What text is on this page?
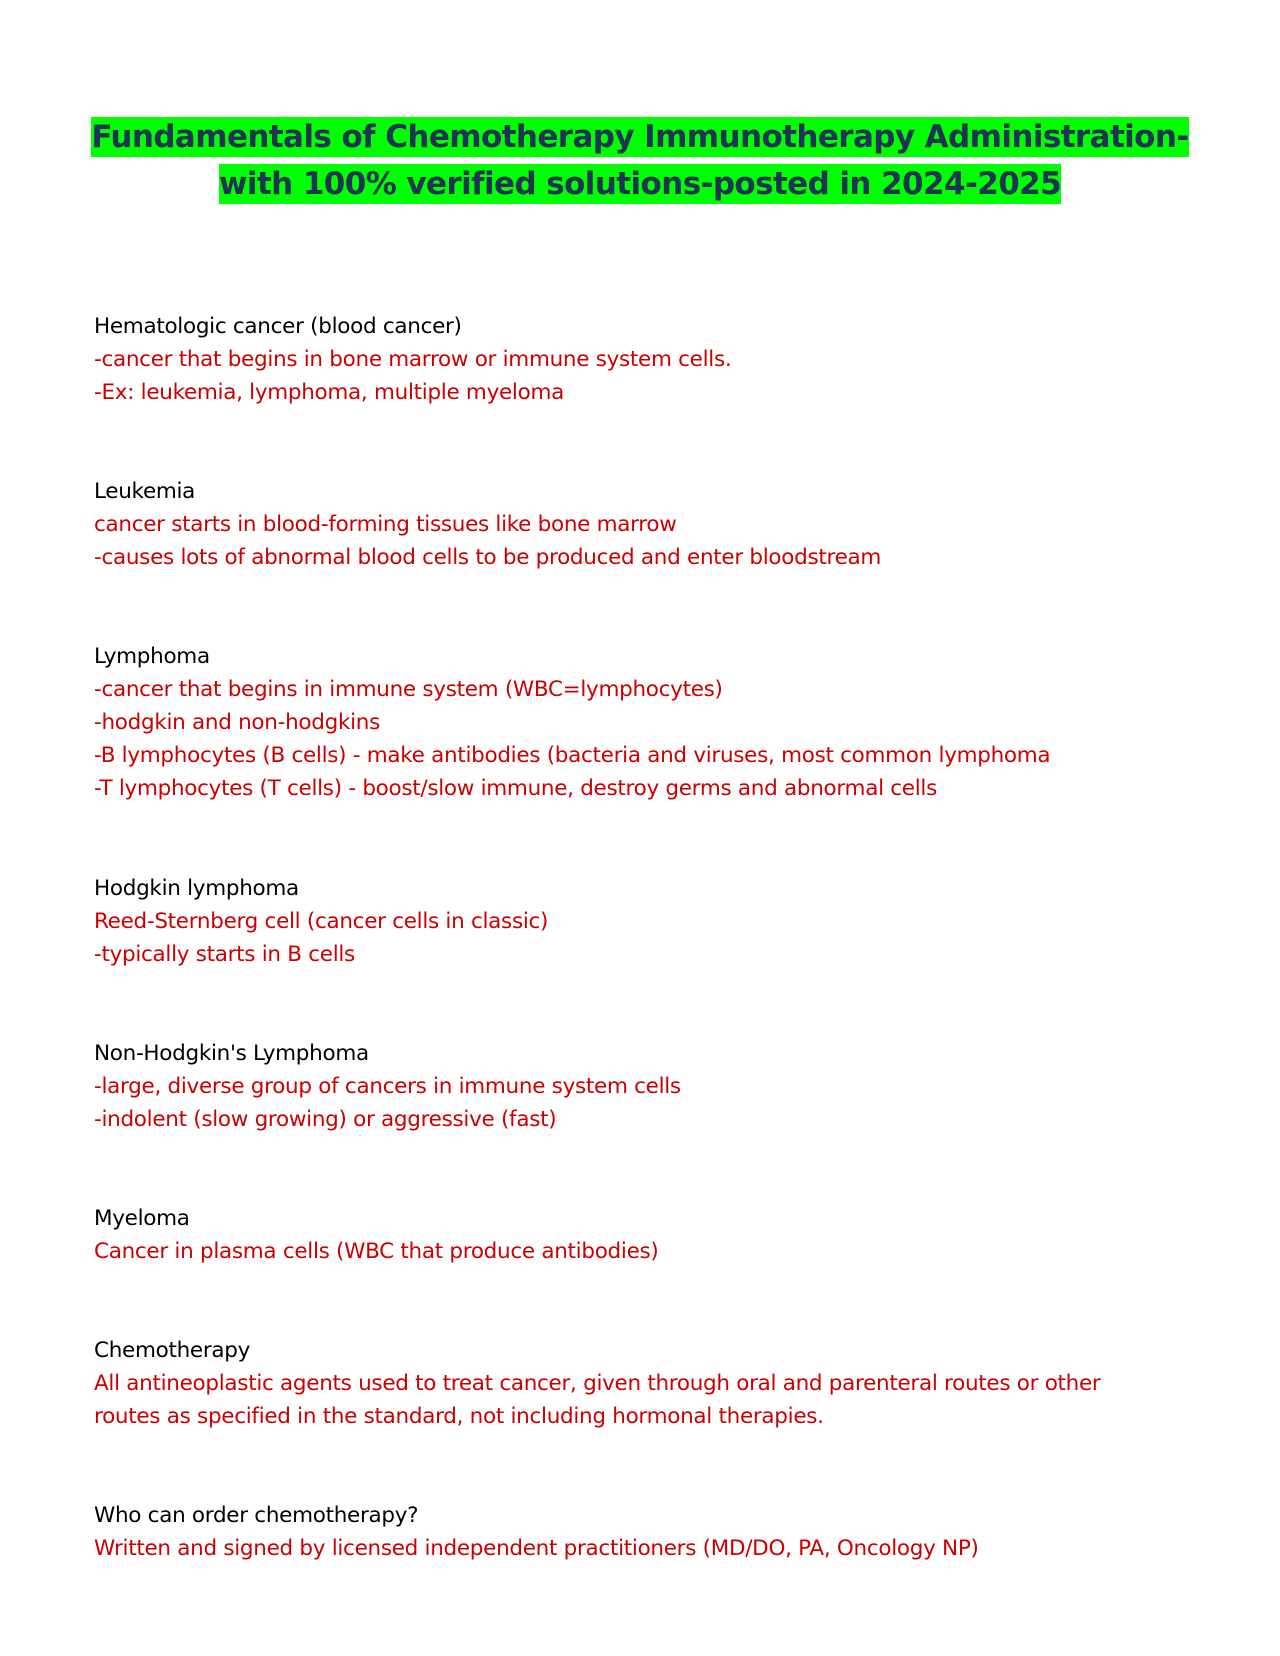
Fundamentals of Chemotherapy Immunotherapy Administration-
with 100% verified solutions-posted in 2024-2025
Hematologic cancer (blood cancer)
-cancer that begins in bone marrow or immune system cells.
-Ex: leukemia, lymphoma, multiple myeloma
Leukemia
cancer starts in blood-forming tissues like bone marrow
-causes lots of abnormal blood cells to be produced and enter bloodstream
Lymphoma
-cancer that begins in immune system (WBC=lymphocytes)
-hodgkin and non-hodgkins
-B lymphocytes (B cells) - make antibodies (bacteria and viruses, most common lymphoma
-T lymphocytes (T cells) - boost/slow immune, destroy germs and abnormal cells
Hodgkin lymphoma
Reed-Sternberg cell (cancer cells in classic)
-typically starts in B cells
Non-Hodgkin's Lymphoma
-large, diverse group of cancers in immune system cells
-indolent (slow growing) or aggressive (fast)
Myeloma
Cancer in plasma cells (WBC that produce antibodies)
Chemotherapy
All antineoplastic agents used to treat cancer, given through oral and parenteral routes or other
routes as specified in the standard, not including hormonal therapies.
Who can order chemotherapy?
Written and signed by licensed independent practitioners (MD/DO, PA, Oncology NP)
